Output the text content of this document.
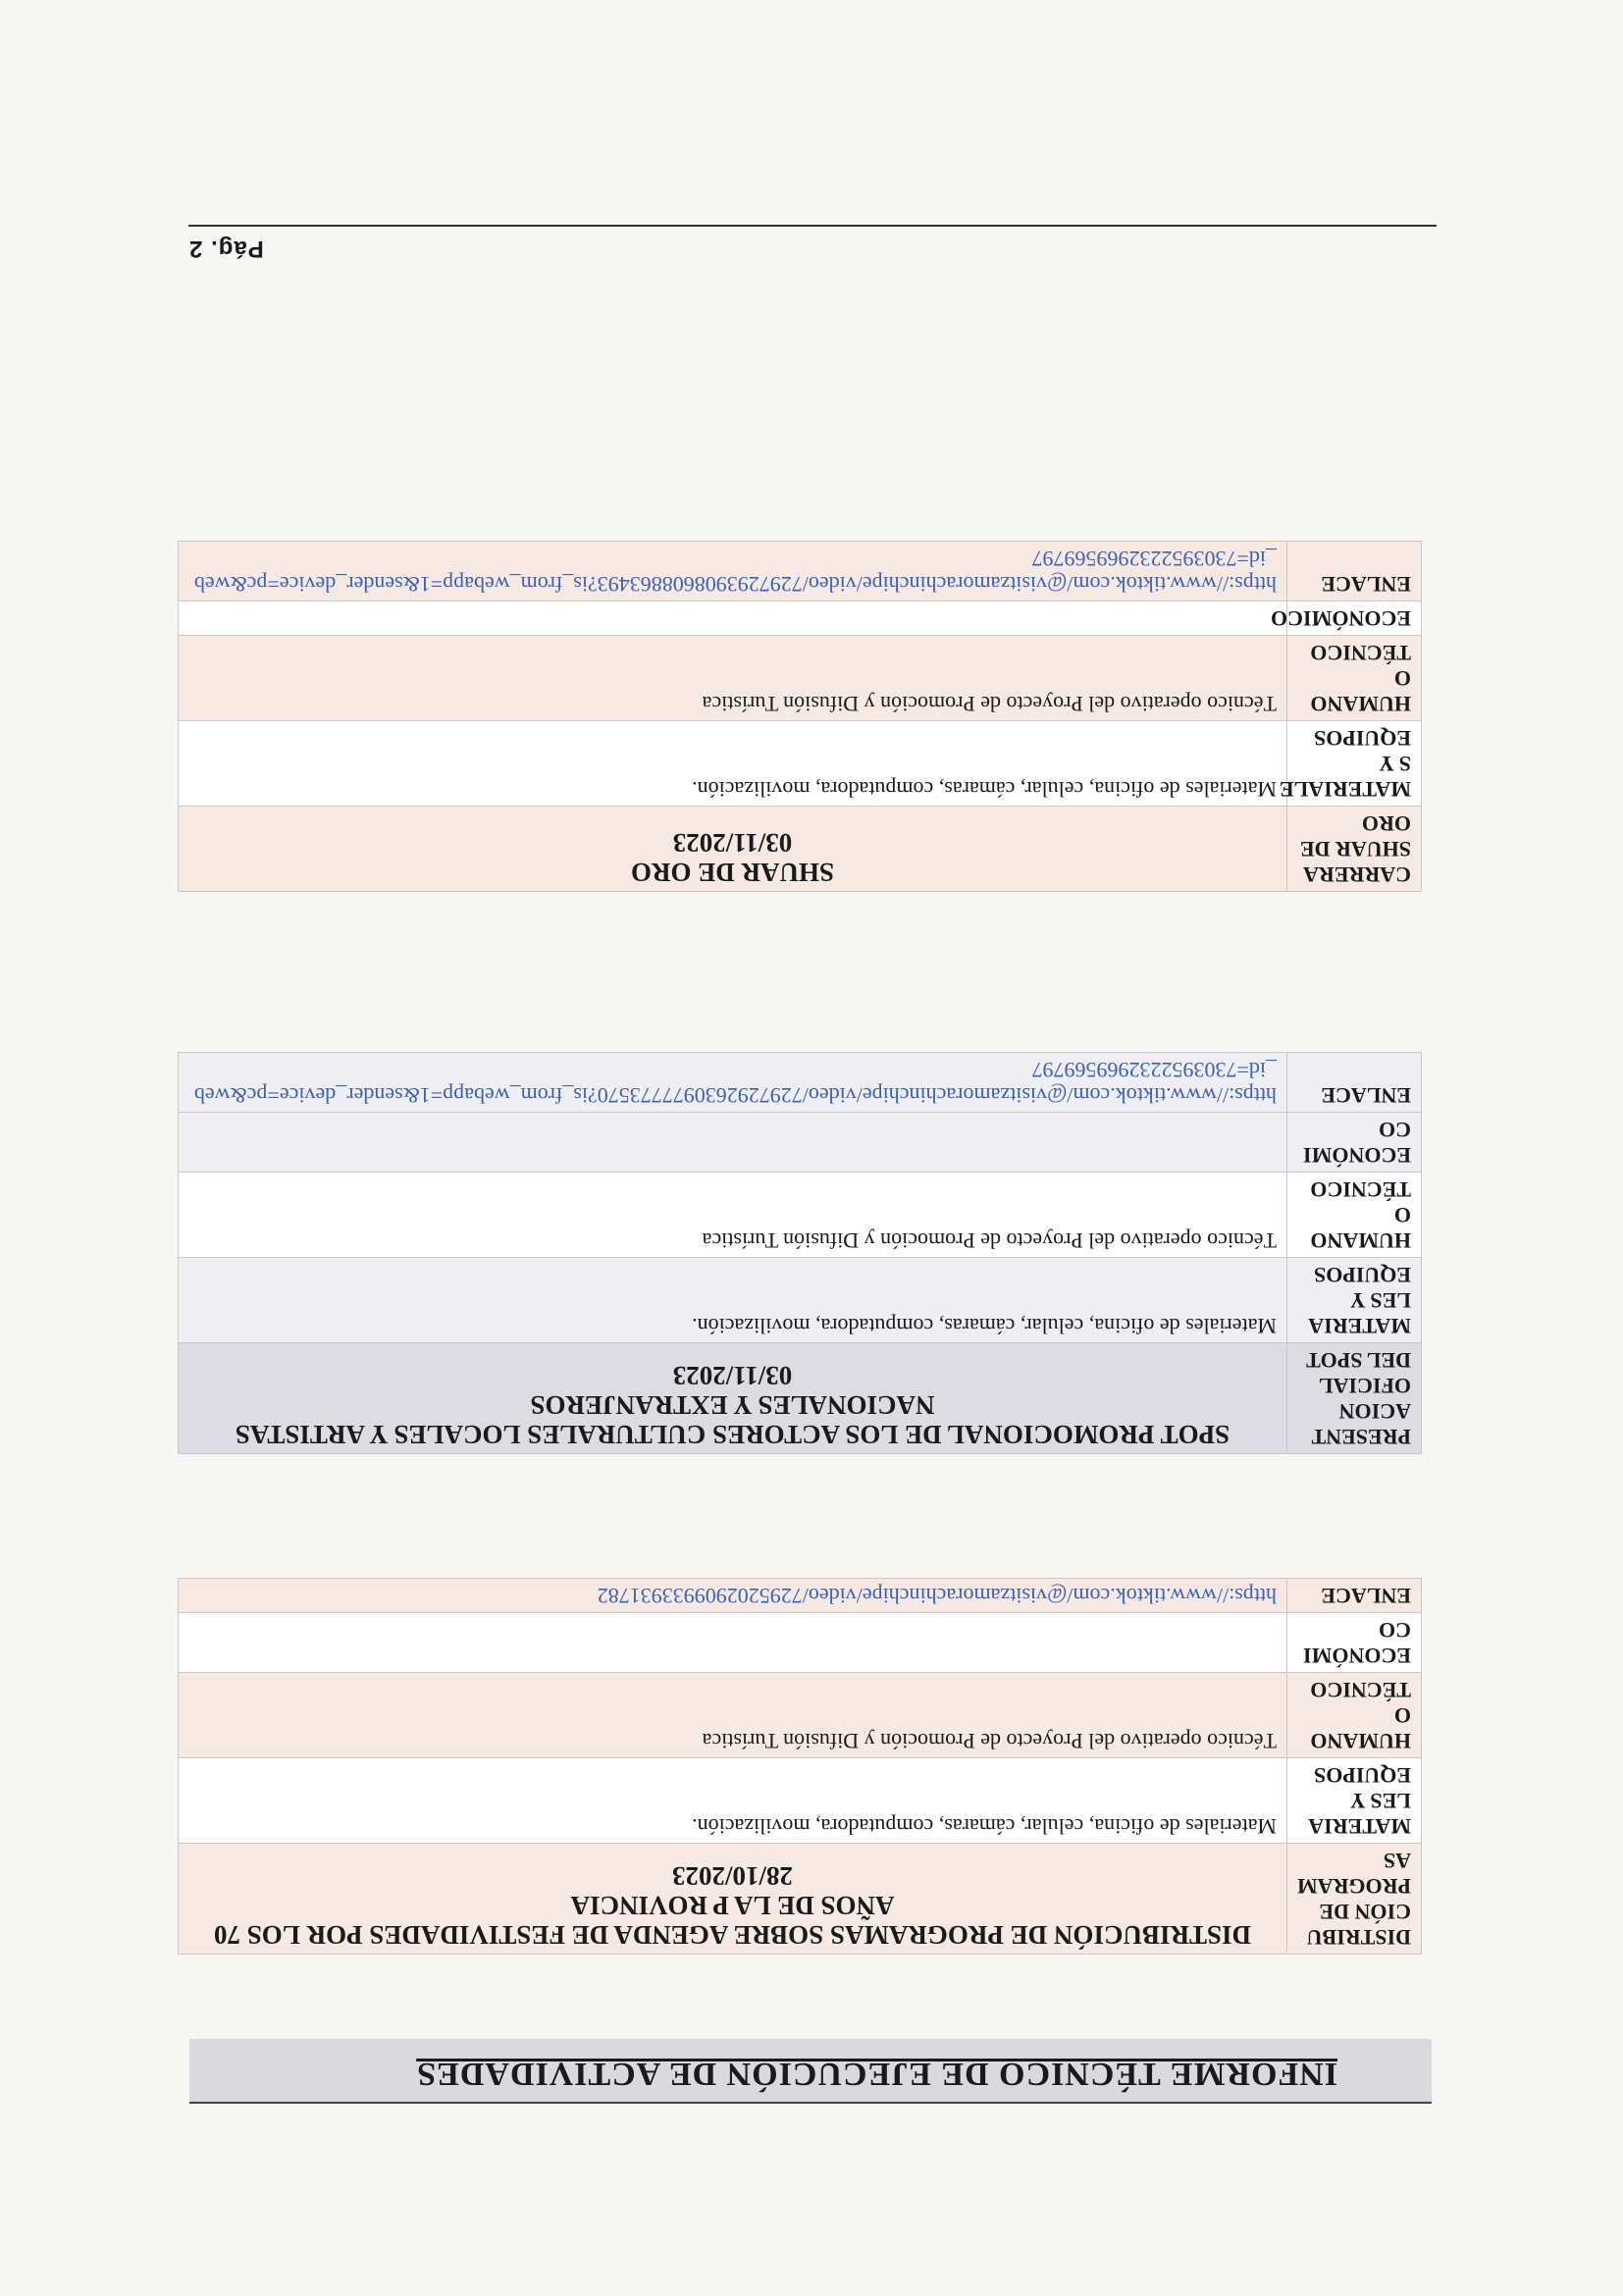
Pág. 2
INFORME TÉCNICO DE EJECUCIÓN DE ACTIVIDADES
DISTRIBU CIÓN DE PROGRAM AS	DISTRIBUCIÓN DE PROGRAMAS SOBRE AGENDA DE FESTIVIDADES POR LOS 70 AÑOS DE LA P ROVINCIA
28/10/2023

MATERIA LES Y EQUIPOS	Materiales de oficina, celular, cámaras, computadora, movilización.
HUMANO O TÉCNICO	Técnico operativo del Proyecto de Promoción y Difusión Turística
ECONÓMI CO	
ENLACE	https://www.tiktok.com/@visitzamorachinchipe/video/7295202909933931782
PRESENT ACION OFICIAL DEL SPOT	SPOT PROMOCIONAL DE LOS ACTORES CULTURALES LOCALES Y ARTISTAS NACIONALES Y EXTRANJEROS
03/11/2023

MATERIA LES Y EQUIPOS	Materiales de oficina, celular, cámaras, computadora, movilización.
HUMANO O TÉCNICO	Técnico operativo del Proyecto de Promoción y Difusión Turística
ECONÓMI CO	
ENLACE	https://www.tiktok.com/@visitzamorachinchipe/video/7297292630977773570?is_from_webapp=1&sender_device=pc&web_id=7303952232969569797
CARRERA SHUAR DE ORO	SHUAR DE ORO
03/11/2023

MATERIALE S Y EQUIPOS	Materiales de oficina, celular, cámaras, computadora, movilización.
HUMANO O TÉCNICO	Técnico operativo del Proyecto de Promoción y Difusión Turística
ECONÓMICO	
ENLACE	https://www.tiktok.com/@visitzamorachinchipe/video/7297293908608863493?is_from_webapp=1&sender_device=pc&web_id=7303952232969569797
